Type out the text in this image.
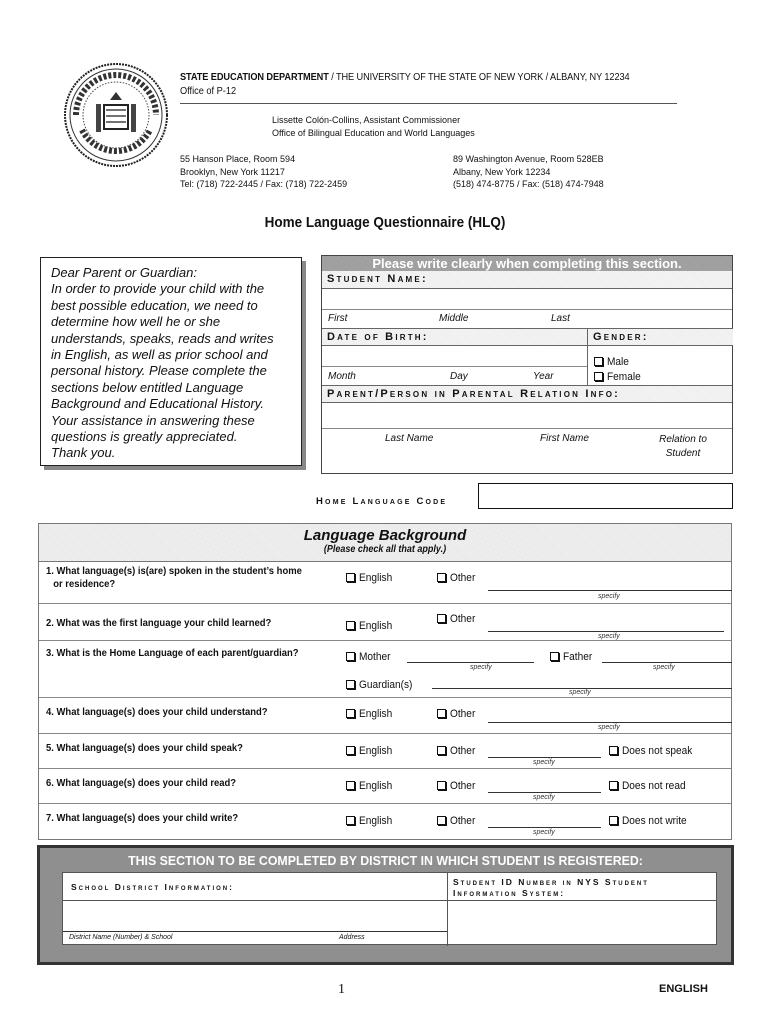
STATE EDUCATION DEPARTMENT / THE UNIVERSITY OF THE STATE OF NEW YORK / ALBANY, NY 12234
Office of P-12
Lissette Colón-Collins, Assistant Commissioner
Office of Bilingual Education and World Languages
55 Hanson Place, Room 594
Brooklyn, New York 11217
Tel: (718) 722-2445 / Fax: (718) 722-2459
89 Washington Avenue, Room 528EB
Albany, New York 12234
(518) 474-8775 / Fax: (518) 474-7948
Home Language Questionnaire (HLQ)
Dear Parent or Guardian:
In order to provide your child with the
best possible education, we need to
determine how well he or she
understands, speaks, reads and writes
in English, as well as prior school and
personal history. Please complete the
sections below entitled Language
Background and Educational History.
Your assistance in answering these
questions is greatly appreciated.
Thank you.
Please write clearly when completing this section.
Student Name:
First	Middle	Last
Date of Birth:
Month	Day	Year
Gender:
Male
Female
Parent/Person in Parental Relation Info:
Last Name	First Name	Relation to Student
Home Language Code
Language Background
(Please check all that apply.)
1. What language(s) is(are) spoken in the student’s home
or residence?	English	Other
specify
2. What was the first language your child learned?	English
Other
specify
3. What is the Home Language of each parent/guardian?	Mother
specify
Father
specify
Guardian(s)
specify
4. What language(s) does your child understand?	English	Other
specify
5. What language(s) does your child speak?	English	Other
specify
Does not speak
6. What language(s) does your child read?	English	Other
specify
Does not read
7. What language(s) does your child write?	English	Other
specify
Does not write
THIS SECTION TO BE COMPLETED BY DISTRICT IN WHICH STUDENT IS REGISTERED:
School District Information:
District Name (Number) & School	Address
Student ID Number in NYS Student
Information System:
1	ENGLISH
